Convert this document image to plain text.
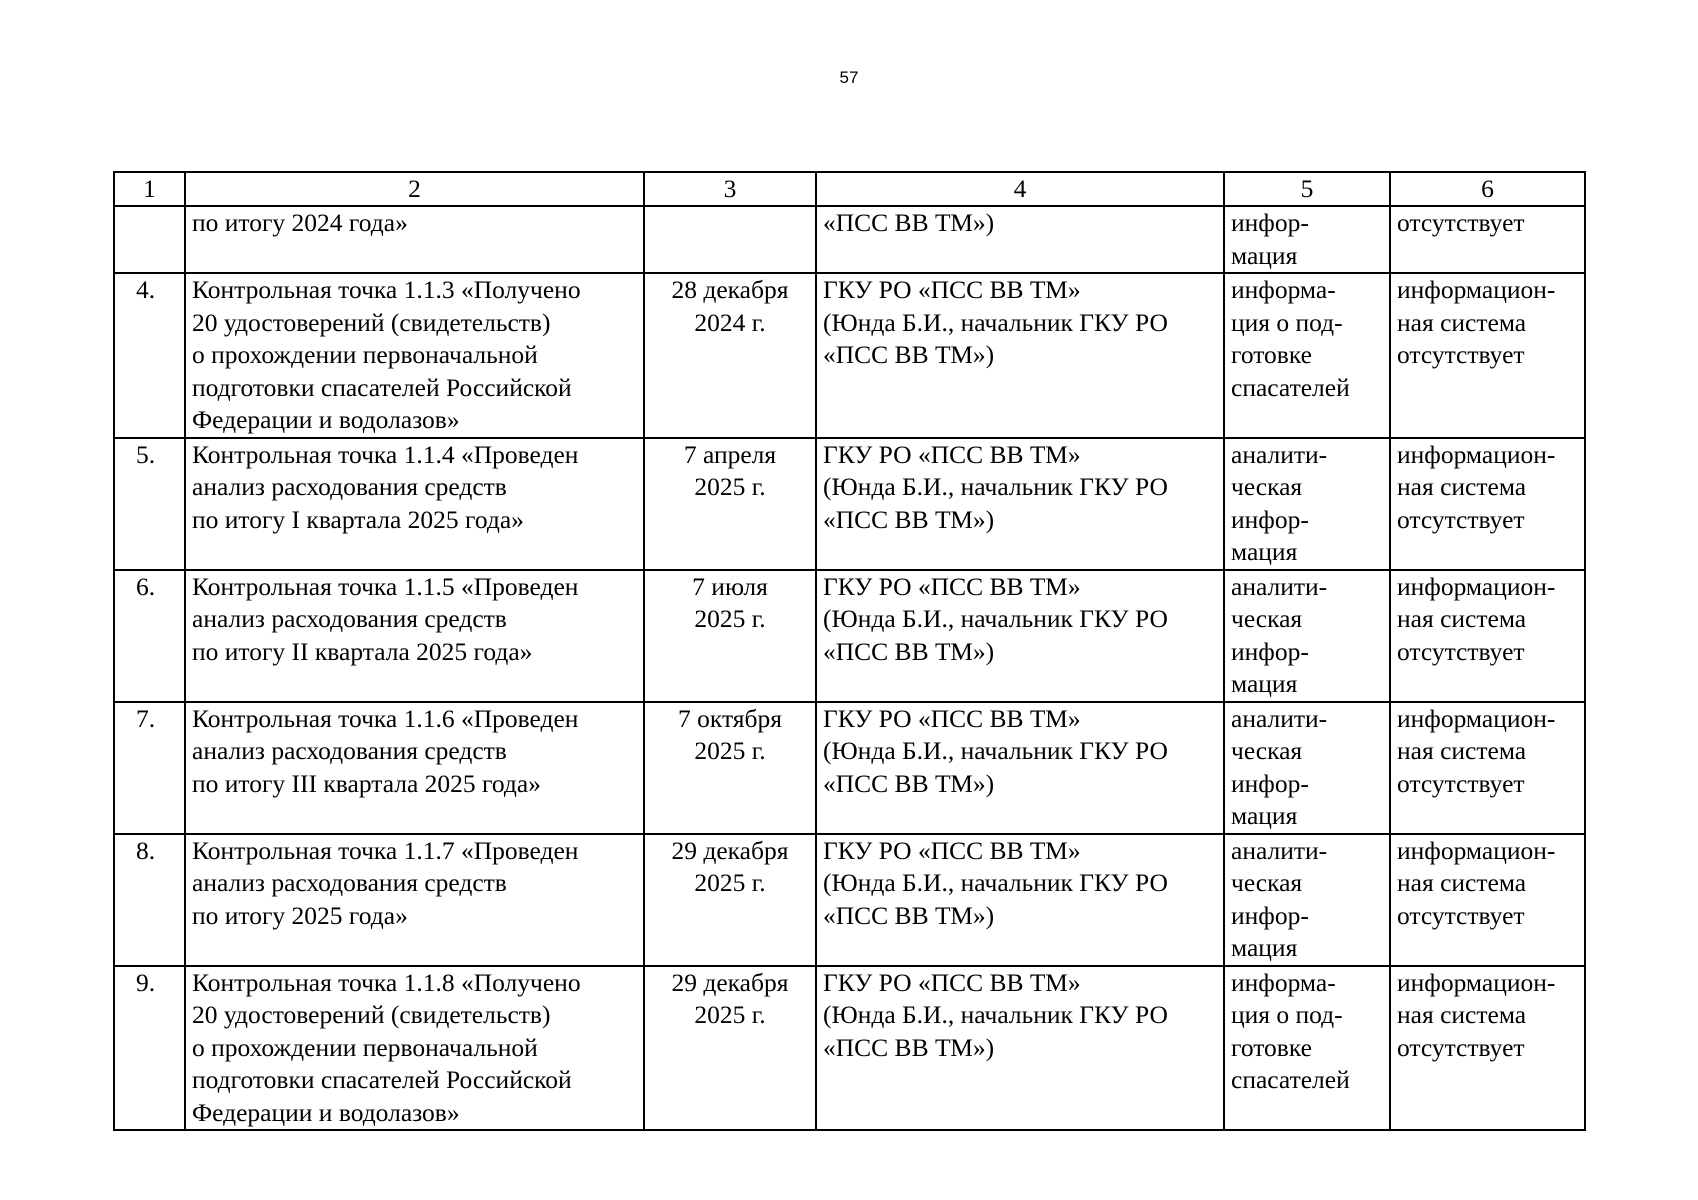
57
1	2	3	4	5	6

	по итогу 2024 года»		«ПСС ВВ ТМ»)	инфор-
мация	отсутствует

4.	Контрольная точка 1.1.3 «Получено
20 удостоверений (свидетельств)
о прохождении первоначальной
подготовки спасателей Российской
Федерации и водолазов»	28 декабря
2024 г.	ГКУ РО «ПСС ВВ ТМ»
(Юнда Б.И., начальник ГКУ РО
«ПСС ВВ ТМ»)	информа-
ция о под-
готовке
спасателей	информацион-
ная система
отсутствует

5.	Контрольная точка 1.1.4 «Проведен
анализ расходования средств
по итогу I квартала 2025 года»	7 апреля
2025 г.	ГКУ РО «ПСС ВВ ТМ»
(Юнда Б.И., начальник ГКУ РО
«ПСС ВВ ТМ»)	аналити-
ческая
инфор-
мация	информацион-
ная система
отсутствует

6.	Контрольная точка 1.1.5 «Проведен
анализ расходования средств
по итогу II квартала 2025 года»	7 июля
2025 г.	ГКУ РО «ПСС ВВ ТМ»
(Юнда Б.И., начальник ГКУ РО
«ПСС ВВ ТМ»)	аналити-
ческая
инфор-
мация	информацион-
ная система
отсутствует

7.	Контрольная точка 1.1.6 «Проведен
анализ расходования средств
по итогу III квартала 2025 года»	7 октября
2025 г.	ГКУ РО «ПСС ВВ ТМ»
(Юнда Б.И., начальник ГКУ РО
«ПСС ВВ ТМ»)	аналити-
ческая
инфор-
мация	информацион-
ная система
отсутствует

8.	Контрольная точка 1.1.7 «Проведен
анализ расходования средств
по итогу 2025 года»	29 декабря
2025 г.	ГКУ РО «ПСС ВВ ТМ»
(Юнда Б.И., начальник ГКУ РО
«ПСС ВВ ТМ»)	аналити-
ческая
инфор-
мация	информацион-
ная система
отсутствует

9.	Контрольная точка 1.1.8 «Получено
20 удостоверений (свидетельств)
о прохождении первоначальной
подготовки спасателей Российской
Федерации и водолазов»	29 декабря
2025 г.	ГКУ РО «ПСС ВВ ТМ»
(Юнда Б.И., начальник ГКУ РО
«ПСС ВВ ТМ»)	информа-
ция о под-
готовке
спасателей	информацион-
ная система
отсутствует
